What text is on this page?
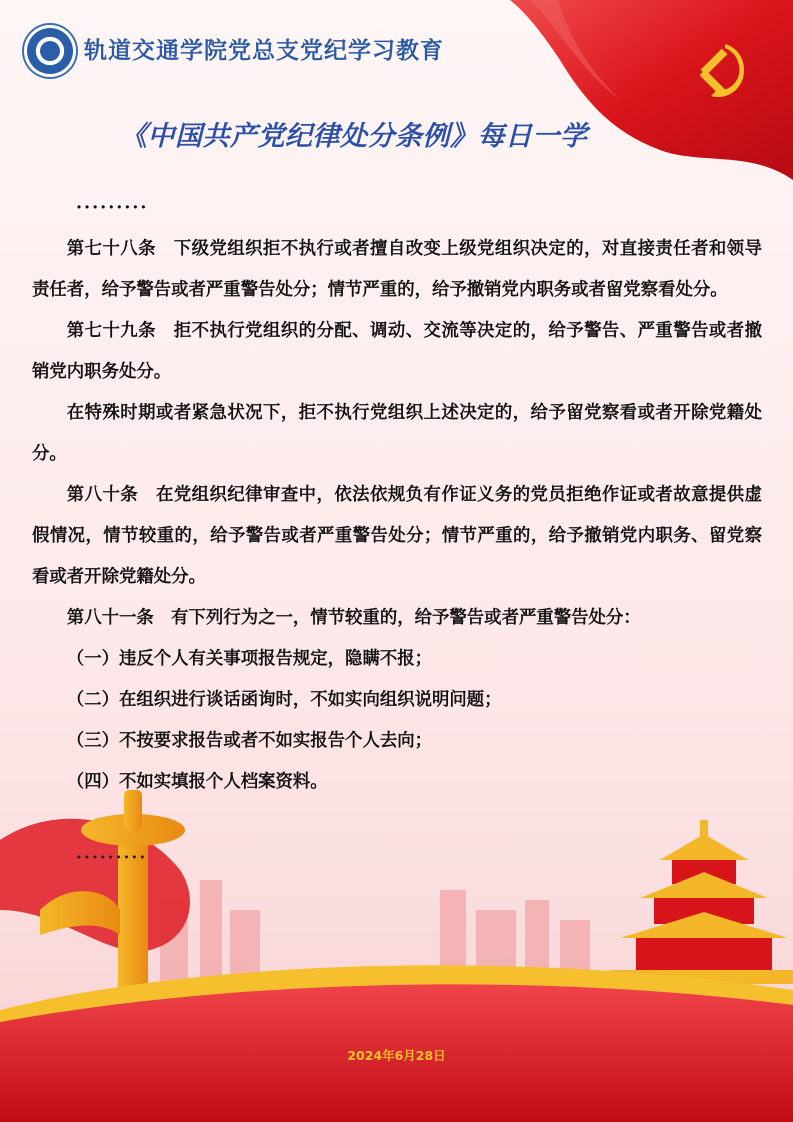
轨道交通学院党总支党纪学习教育
《中国共产党纪律处分条例》每日一学

·········

第七十八条　下级党组织拒不执行或者擅自改变上级党组织决定的，对直接责任者和领导责任者，给予警告或者严重警告处分；情节严重的，给予撤销党内职务或者留党察看处分。

第七十九条　拒不执行党组织的分配、调动、交流等决定的，给予警告、严重警告或者撤销党内职务处分。

在特殊时期或者紧急状况下，拒不执行党组织上述决定的，给予留党察看或者开除党籍处分。

第八十条　在党组织纪律审查中，依法依规负有作证义务的党员拒绝作证或者故意提供虚假情况，情节较重的，给予警告或者严重警告处分；情节严重的，给予撤销党内职务、留党察看或者开除党籍处分。

第八十一条　有下列行为之一，情节较重的，给予警告或者严重警告处分：

（一）违反个人有关事项报告规定，隐瞒不报；

（二）在组织进行谈话函询时，不如实向组织说明问题；

（三）不按要求报告或者不如实报告个人去向；

（四）不如实填报个人档案资料。

·········
2024年6月28日
